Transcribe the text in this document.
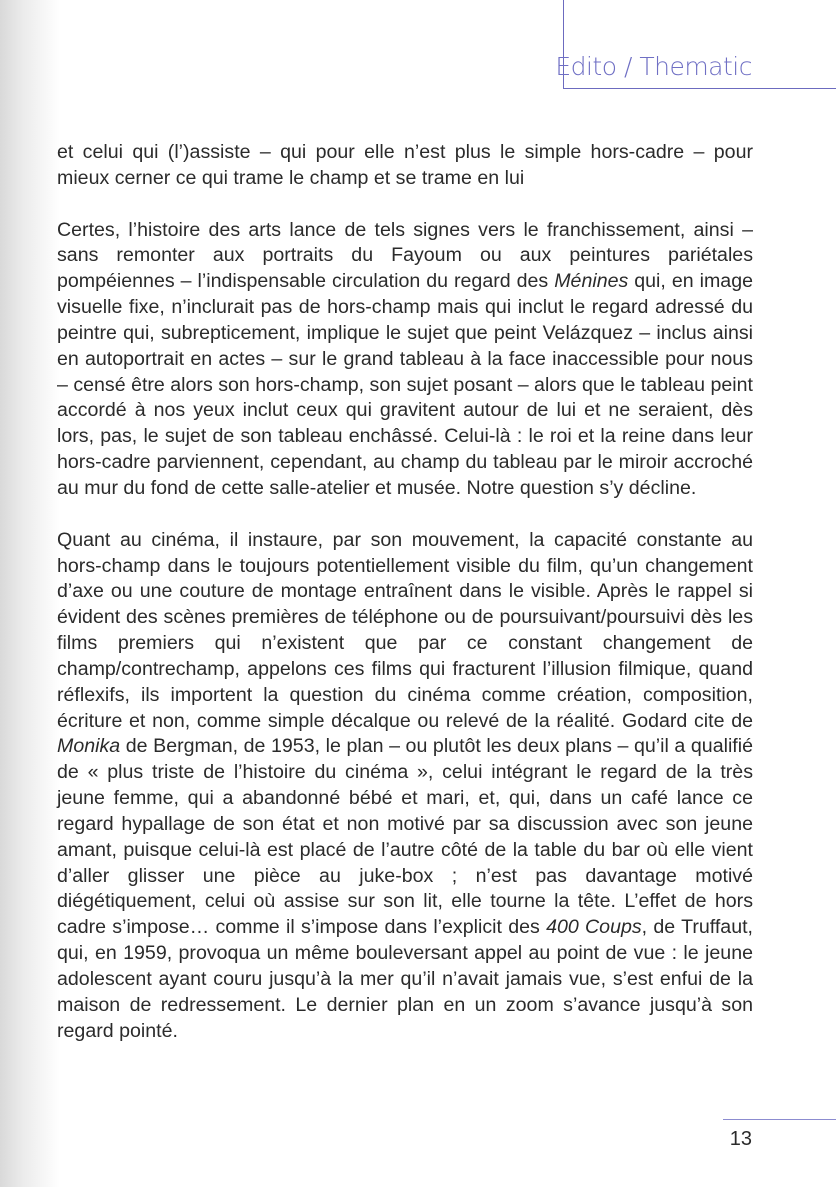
Edito / Thematic

et celui qui (l’)assiste – qui pour elle n’est plus le simple hors-cadre – pour mieux cerner ce qui trame le champ et se trame en lui

Certes, l’histoire des arts lance de tels signes vers le franchissement, ainsi – sans remonter aux portraits du Fayoum ou aux peintures pariétales pompéiennes – l’indispensable circulation du regard des Ménines qui, en image visuelle fixe, n’inclurait pas de hors-champ mais qui inclut le regard adressé du peintre qui, subrepticement, implique le sujet que peint Velázquez – inclus ainsi en autoportrait en actes – sur le grand tableau à la face inaccessible pour nous – censé être alors son hors-champ, son sujet posant – alors que le tableau peint accordé à nos yeux inclut ceux qui gravitent autour de lui et ne seraient, dès lors, pas, le sujet de son tableau enchâssé. Celui-là : le roi et la reine dans leur hors-cadre parviennent, cependant, au champ du tableau par le miroir accroché au mur du fond de cette salle-atelier et musée. Notre question s’y décline.

Quant au cinéma, il instaure, par son mouvement, la capacité constante au hors-champ dans le toujours potentiellement visible du film, qu’un changement d’axe ou une couture de montage entraînent dans le visible. Après le rappel si évident des scènes premières de téléphone ou de poursuivant/poursuivi dès les films premiers qui n’existent que par ce constant changement de champ/contrechamp, appelons ces films qui fracturent l’illusion filmique, quand réflexifs, ils importent la question du cinéma comme création, composition, écriture et non, comme simple décalque ou relevé de la réalité. Godard cite de Monika de Bergman, de 1953, le plan – ou plutôt les deux plans – qu’il a qualifié de « plus triste de l’histoire du cinéma », celui intégrant le regard de la très jeune femme, qui a abandonné bébé et mari, et, qui, dans un café lance ce regard hypallage de son état et non motivé par sa discussion avec son jeune amant, puisque celui-là est placé de l’autre côté de la table du bar où elle vient d’aller glisser une pièce au juke-box ; n’est pas davantage motivé diégétiquement, celui où assise sur son lit, elle tourne la tête. L’effet de hors cadre s’impose… comme il s’impose dans l’explicit des 400 Coups, de Truffaut, qui, en 1959, provoqua un même bouleversant appel au point de vue : le jeune adolescent ayant couru jusqu’à la mer qu’il n’avait jamais vue, s’est enfui de la maison de redressement. Le dernier plan en un zoom s’avance jusqu’à son regard pointé.

13
